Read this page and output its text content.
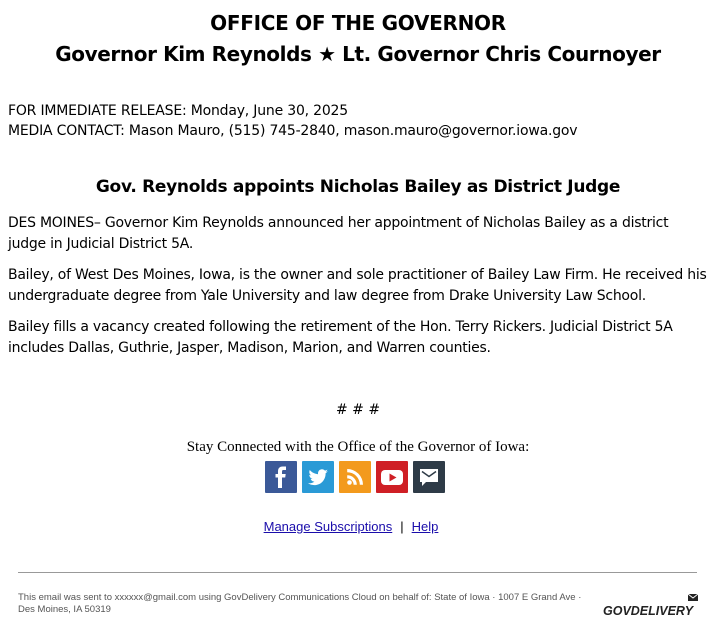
OFFICE OF THE GOVERNOR
Governor Kim Reynolds ★ Lt. Governor Chris Cournoyer
FOR IMMEDIATE RELEASE: Monday, June 30, 2025
MEDIA CONTACT: Mason Mauro, (515) 745-2840, mason.mauro@governor.iowa.gov
Gov. Reynolds appoints Nicholas Bailey as District Judge
DES MOINES– Governor Kim Reynolds announced her appointment of Nicholas Bailey as a district judge in Judicial District 5A.
Bailey, of West Des Moines, Iowa, is the owner and sole practitioner of Bailey Law Firm. He received his undergraduate degree from Yale University and law degree from Drake University Law School.
Bailey fills a vacancy created following the retirement of the Hon. Terry Rickers. Judicial District 5A includes Dallas, Guthrie, Jasper, Madison, Marion, and Warren counties.
# # #
Stay Connected with the Office of the Governor of Iowa:
Manage Subscriptions | Help
This email was sent to xxxxxx@gmail.com using GovDelivery Communications Cloud on behalf of: State of Iowa · 1007 E Grand Ave · Des Moines, IA 50319	GOVDELIVERY
